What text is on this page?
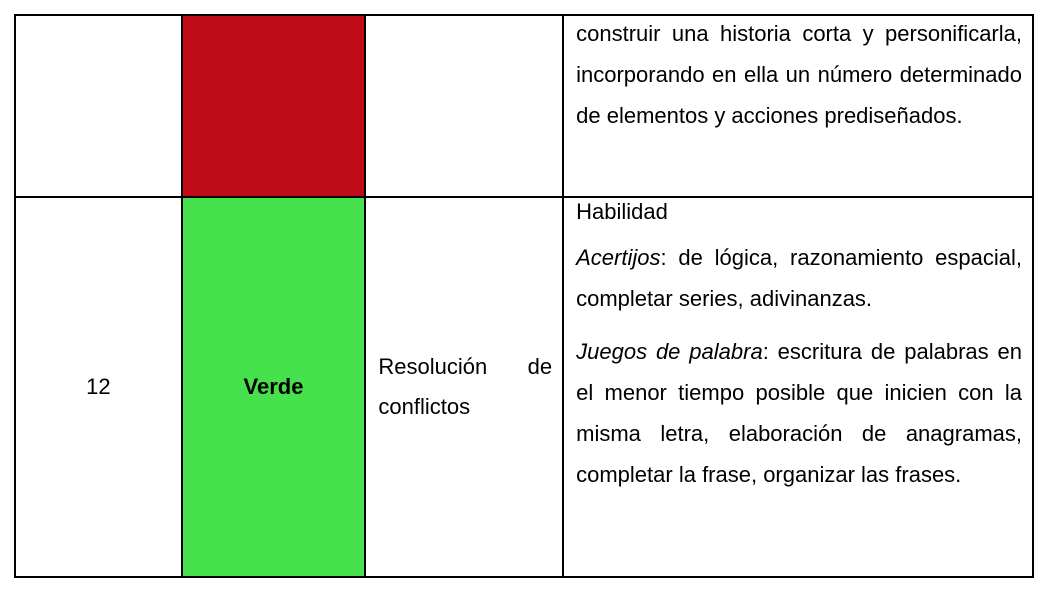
			construir una historia corta y personificarla, incorporando en ella un número determinado de elementos y acciones prediseñados.

12	Verde	Resolución de conflictos	Habilidad

Acertijos: de lógica, razonamiento espacial, completar series, adivinanzas.

Juegos de palabra: escritura de palabras en el menor tiempo posible que inicien con la misma letra, elaboración de anagramas, completar la frase, organizar las frases.
